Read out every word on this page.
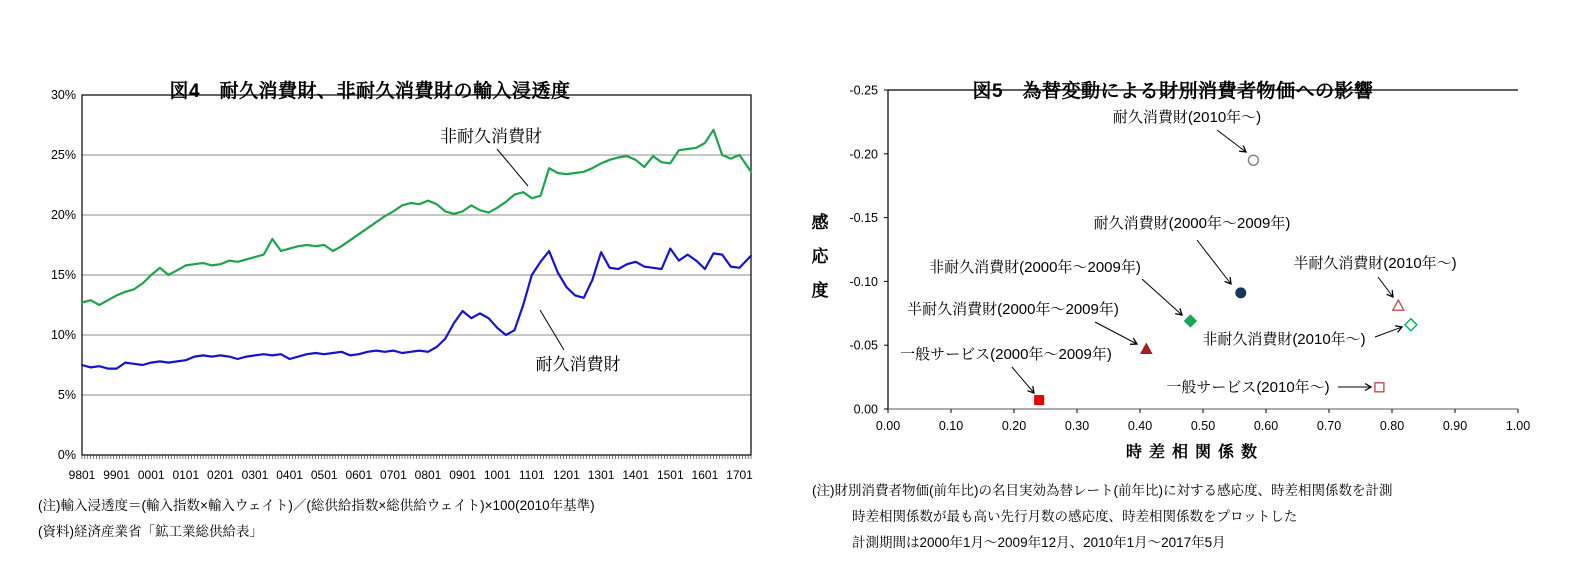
9801 9901 0001 0101 0201 0301 0401 0501 0601 0701 0801 0901 1001 1101 1201 1301 1401 1501 1601 1701
0%
5%
10%
15%
20%
25%
30%
非耐久消費財
耐久消費財
図4　耐久消費財、非耐久消費財の輸入浸透度
(注)輸入浸透度＝(輸入指数×輸入ウェイト)／(総供給指数×総供給ウェイト)×100(2010年基準)
(資料)経済産業省「鉱工業総供給表」
-0.25
-0.20
-0.15
-0.10
-0.05
0.00
0.00	0.10	0.20	0.30	0.40	0.50	0.60	0.70	0.80	0.90	1.00
感
応
度
時差相関係数
耐久消費財(2010年～)
耐久消費財(2000年～2009年)
非耐久消費財(2000年～2009年)	半耐久消費財(2010年～)
非耐久消費財(2010年～)
半耐久消費財(2000年～2009年)
一般サービス(2010年～)
一般サービス(2000年～2009年)
図5　為替変動による財別消費者物価への影響
(注)財別消費者物価(前年比)の名目実効為替レート(前年比)に対する感応度、時差相関係数を計測
時差相関係数が最も高い先行月数の感応度、時差相関係数をプロットした
計測期間は2000年1月～2009年12月、2010年1月～2017年5月
